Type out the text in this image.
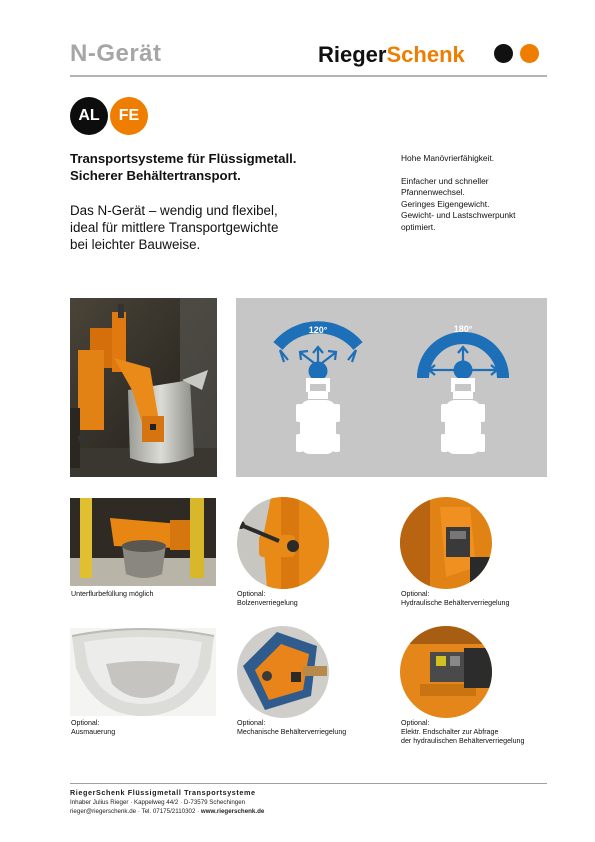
N-Gerät	RiegerSchenk
AL	FE
Transportsysteme für Flüssigmetall.
Sicherer Behältertransport.
Das N-Gerät – wendig und flexibel,
ideal für mittlere Transportgewichte
bei leichter Bauweise.

Hohe Manövrierfähigkeit.

Einfacher und schneller

Pfannenwechsel.

Geringes Eigengewicht.

Gewicht- und Lastschwerpunkt

optimiert.

120°	180°
Unterflurbefüllung möglich	Optional:
Bolzenverriegelung
Optional:
Hydraulische Behälterverriegelung
Optional:
Ausmauerung
Optional:
Mechanische Behälterverriegelung
Optional:
Elektr. Endschalter zur Abfrage
der hydraulischen Behälterverriegelung
RiegerSchenk Flüssigmetall Transportsysteme
Inhaber Julius Rieger · Kappelweg 44/2 · D-73579 Schechingen
rieger@riegerschenk.de · Tel. 07175/2110302 · www.riegerschenk.de
